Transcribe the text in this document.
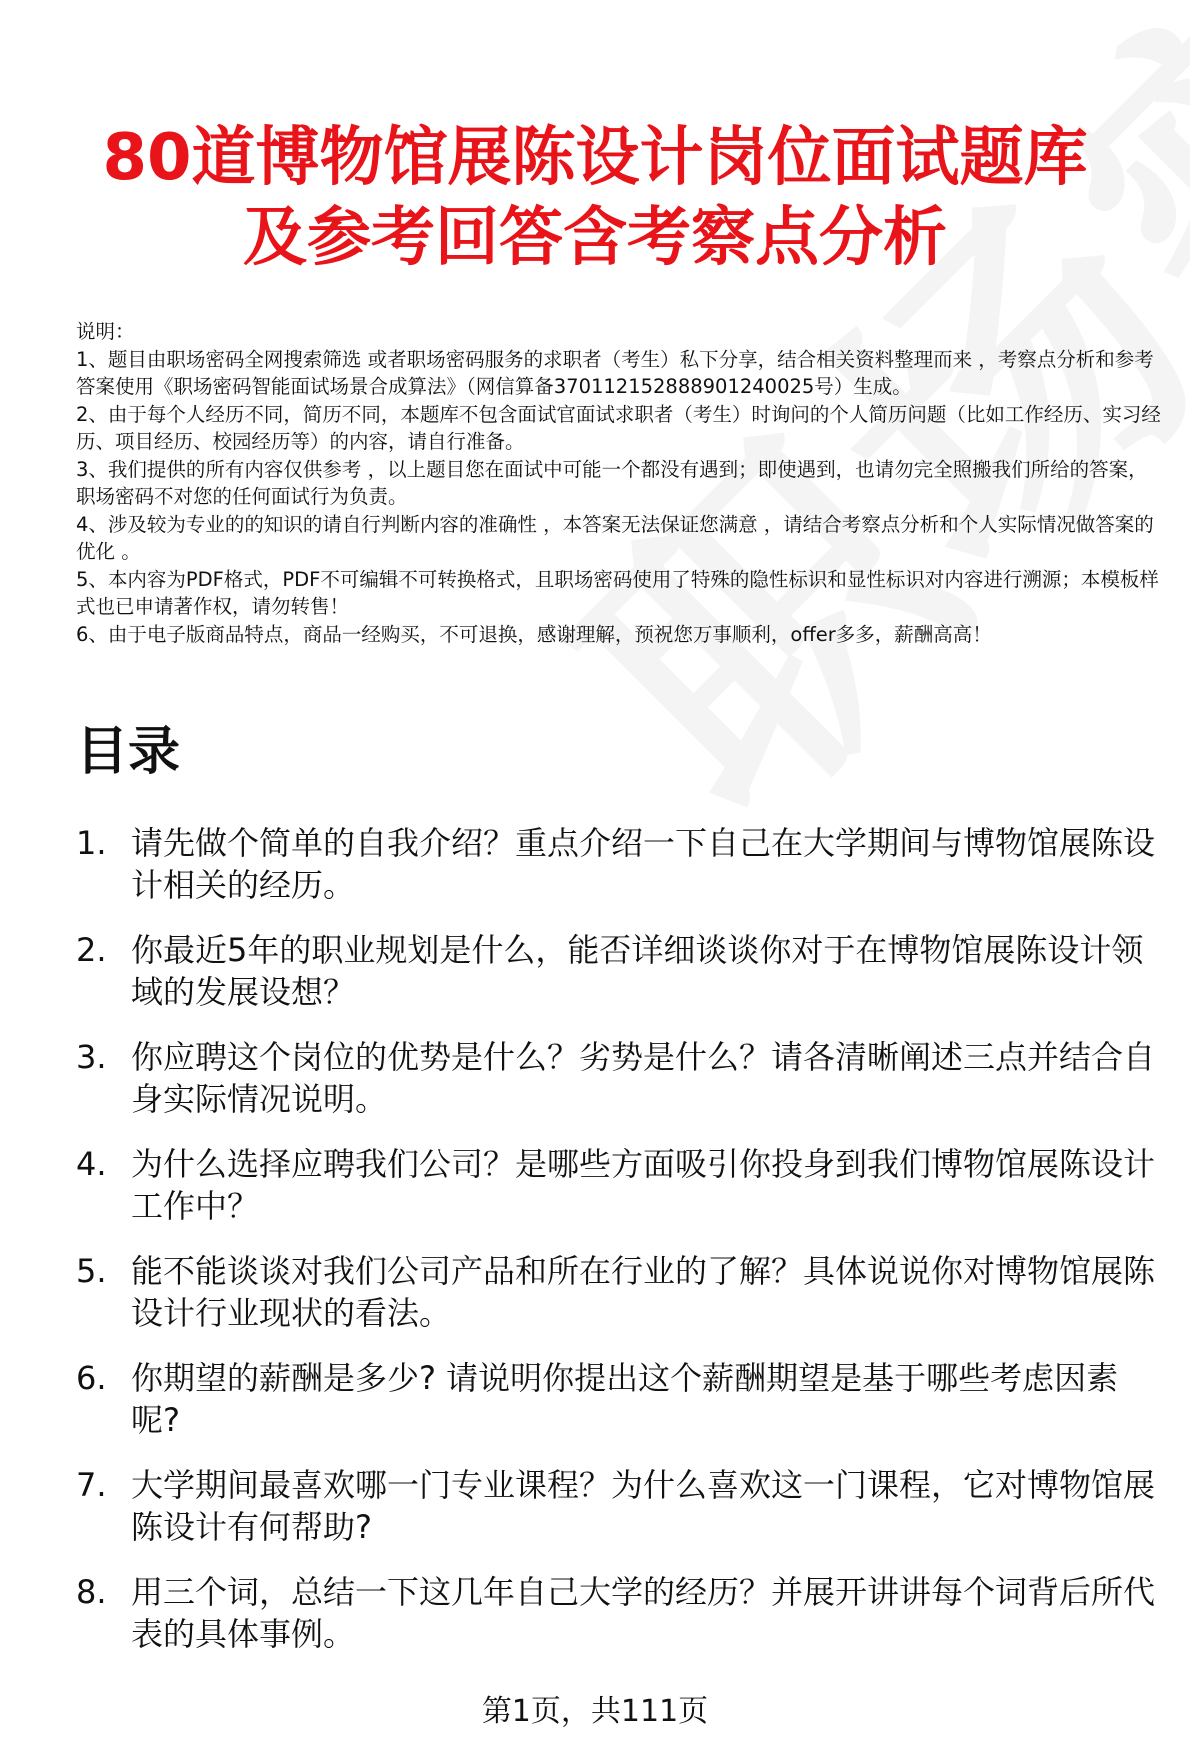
80道博物馆展陈设计岗位面试题库
及参考回答含考察点分析

说明：

1、题目由职场密码全网搜索筛选 或者职场密码服务的求职者（考生）私下分享，结合相关资料整理而来 ，考察点分析和参考答案使用《职场密码智能面试场景合成算法》（网信算备370112152888901240025号）生成。

2、由于每个人经历不同，简历不同，本题库不包含面试官面试求职者（考生）时询问的个人简历问题（比如工作经历、实习经历、项目经历、校园经历等）的内容，请自行准备。

3、我们提供的所有内容仅供参考 ，以上题目您在面试中可能一个都没有遇到；即使遇到，也请勿完全照搬我们所给的答案，职场密码不对您的任何面试行为负责。

4、涉及较为专业的的知识的请自行判断内容的准确性 ，本答案无法保证您满意 ，请结合考察点分析和个人实际情况做答案的优化 。

5、本内容为PDF格式，PDF不可编辑不可转换格式，且职场密码使用了特殊的隐性标识和显性标识对内容进行溯源；本模板样式也已申请著作权，请勿转售！

6、由于电子版商品特点，商品一经购买，不可退换，感谢理解，预祝您万事顺利，offer多多，薪酬高高！

目录
1. 请先做个简单的自我介绍？重点介绍一下自己在大学期间与博物馆展陈设计相关的经历。
2. 你最近5年的职业规划是什么，能否详细谈谈你对于在博物馆展陈设计领域的发展设想？
3. 你应聘这个岗位的优势是什么？劣势是什么？请各清晰阐述三点并结合自身实际情况说明。
4. 为什么选择应聘我们公司？是哪些方面吸引你投身到我们博物馆展陈设计工作中？
5. 能不能谈谈对我们公司产品和所在行业的了解？具体说说你对博物馆展陈设计行业现状的看法。
6. 你期望的薪酬是多少? 请说明你提出这个薪酬期望是基于哪些考虑因素呢?
7. 大学期间最喜欢哪一门专业课程？为什么喜欢这一门课程，它对博物馆展陈设计有何帮助?
8. 用三个词，总结一下这几年自己大学的经历？并展开讲讲每个词背后所代表的具体事例。
第1页，共111页
